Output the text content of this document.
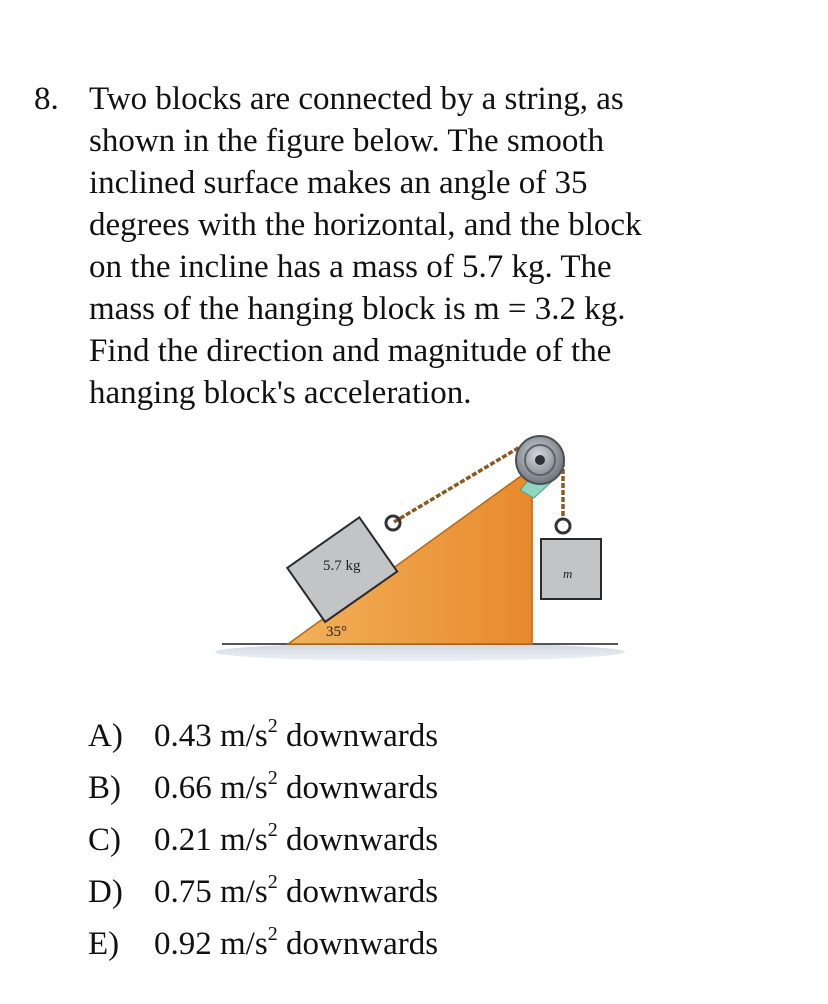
8. Two blocks are connected by a string, as
shown in the figure below. The smooth
inclined surface makes an angle of 35
degrees with the horizontal, and the block
on the incline has a mass of 5.7 kg. The
mass of the hanging block is m = 3.2 kg.
Find the direction and magnitude of the
hanging block's acceleration.
5.7 kg	m
35°
A) 0.43 $m/s^2$ downwards
B) 0.66 $m/s^2$ downwards
C) 0.21 $m/s^2$ downwards
D) 0.75 $m/s^2$ downwards
E) 0.92 $m/s^2$ downwards
